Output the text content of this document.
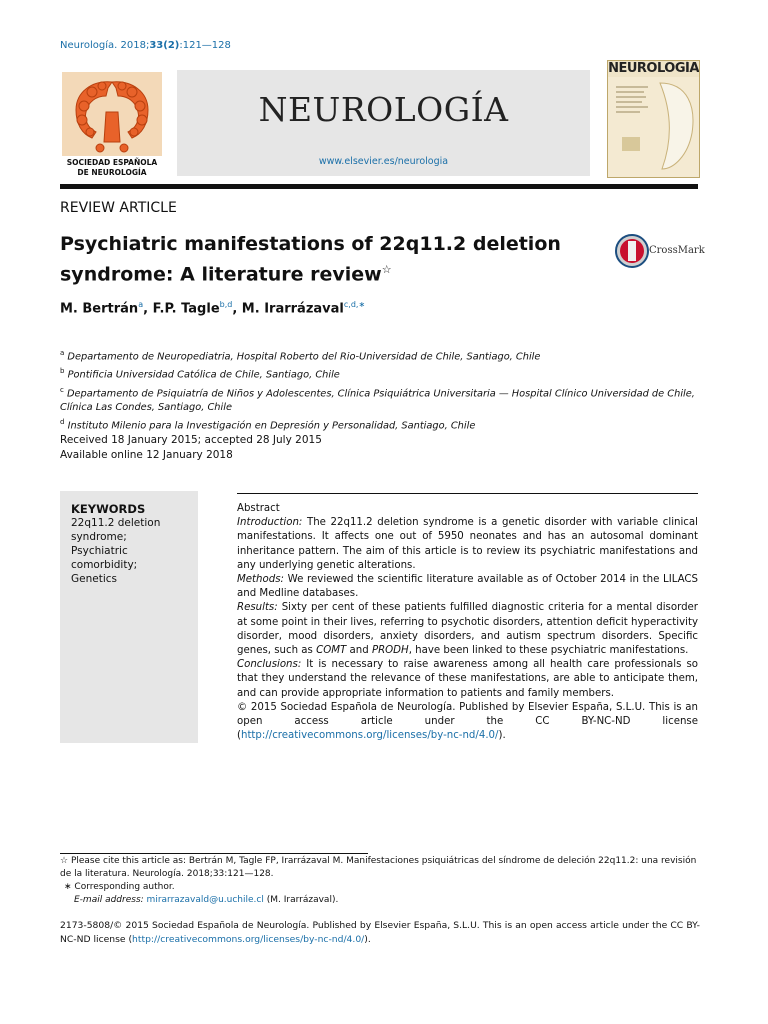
Neurología. 2018;33(2):121—128
SOCIEDAD ESPAÑOLA
DE NEUROLOGÍA
NEUROLOGÍA
www.elsevier.es/neurologia
NEUROLOGÍA
REVIEW ARTICLE
Psychiatric manifestations of 22q11.2 deletion
syndrome: A literature review☆
CrossMark
M. Bertrán$^a$, F.P. Tagle$^{b,d}$, M. Irarrázaval$^{c,d,∗}$
$^a$ Departamento de Neuropediatria, Hospital Roberto del Rio-Universidad de Chile, Santiago, Chile
$^b$ Pontificia Universidad Católica de Chile, Santiago, Chile
$^c$ Departamento de Psiquiatría de Niños y Adolescentes, Clínica Psiquiátrica Universitaria — Hospital Clínico Universidad de Chile, Clínica Las Condes, Santiago, Chile
$^d$ Instituto Milenio para la Investigación en Depresión y Personalidad, Santiago, Chile
Received 18 January 2015; accepted 28 July 2015
Available online 12 January 2018
KEYWORDS
22q11.2 deletion
syndrome;
Psychiatric
comorbidity;
Genetics
Abstract
Introduction: The 22q11.2 deletion syndrome is a genetic disorder with variable clinical manifestations. It affects one out of 5950 neonates and has an autosomal dominant inheritance pattern. The aim of this article is to review its psychiatric manifestations and any underlying genetic alterations.
Methods: We reviewed the scientific literature available as of October 2014 in the LILACS and Medline databases.
Results: Sixty per cent of these patients fulfilled diagnostic criteria for a mental disorder at some point in their lives, referring to psychotic disorders, attention deficit hyperactivity disorder, mood disorders, anxiety disorders, and autism spectrum disorders. Specific genes, such as COMT and PRODH, have been linked to these psychiatric manifestations.
Conclusions: It is necessary to raise awareness among all health care professionals so that they understand the relevance of these manifestations, are able to anticipate them, and can provide appropriate information to patients and family members.
© 2015 Sociedad Española de Neurología. Published by Elsevier España, S.L.U. This is an open access article under the CC BY-NC-ND license (http://creativecommons.org/licenses/by-nc-nd/4.0/).
☆ Please cite this article as: Bertrán M, Tagle FP, Irarrázaval M. Manifestaciones psiquiátricas del síndrome de deleción 22q11.2: una revisión de la literatura. Neurología. 2018;33:121—128.
∗ Corresponding author.
E-mail address: mirarrazavald@u.uchile.cl (M. Irarrázaval).
2173-5808/© 2015 Sociedad Española de Neurología. Published by Elsevier España, S.L.U. This is an open access article under the CC BY-NC-ND license (http://creativecommons.org/licenses/by-nc-nd/4.0/).
